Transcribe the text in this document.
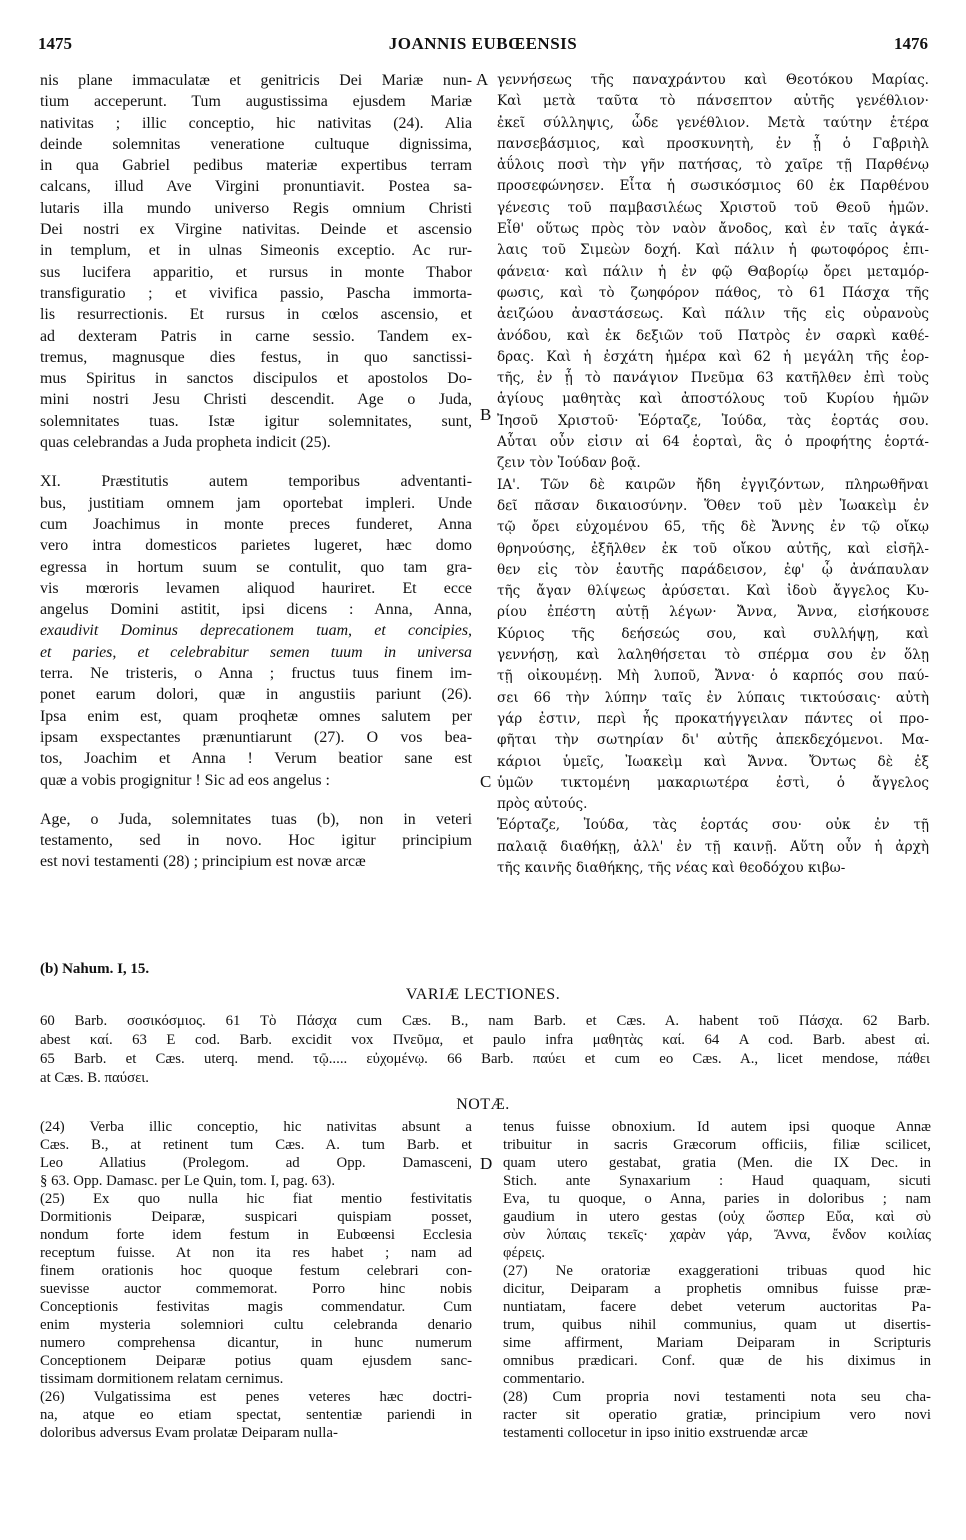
1475	JOANNIS EUBŒENSIS	1476
A
B
C
D
nis plane immaculatæ et genitricis Dei Mariæ nun-
tium acceperunt. Tum augustissima ejusdem Mariæ
nativitas ; illic conceptio, hic nativitas (24). Alia
deinde solemnitas veneratione cultuque dignissima,
in qua Gabriel pedibus materiæ expertibus terram
calcans, illud Ave Virgini pronuntiavit. Postea sa-
lutaris illa mundo universo Regis omnium Christi
Dei nostri ex Virgine nativitas. Deinde et ascensio
in templum, et in ulnas Simeonis exceptio. Ac rur-
sus lucifera apparitio, et rursus in monte Thabor
transfiguratio ; et vivifica passio, Pascha immorta-
lis resurrectionis. Et rursus in cœlos ascensio, et
ad dexteram Patris in carne sessio. Tandem ex-
tremus, magnusque dies festus, in quo sanctissi-
mus Spiritus in sanctos discipulos et apostolos Do-
mini nostri Jesu Christi descendit. Age o Juda,
solemnitates tuas. Istæ igitur solemnitates, sunt,
quas celebrandas a Juda propheta indicit (25).
XI. Præstitutis autem temporibus adventanti-
bus, justitiam omnem jam oportebat impleri. Unde
cum Joachimus in monte preces funderet, Anna
vero intra domesticos parietes lugeret, hæc domo
egressa in hortum suum se contulit, quo tam gra-
vis mœroris levamen aliquod hauriret. Et ecce
angelus Domini astitit, ipsi dicens : Anna, Anna,
exaudivit Dominus deprecationem tuam, et concipies,
et paries, et celebrabitur semen tuum in universa
terra. Ne tristeris, o Anna ; fructus tuus finem im-
ponet earum dolori, quæ in angustiis pariunt (26).
Ipsa enim est, quam proqhetæ omnes salutem per
ipsam exspectantes prænuntiarunt (27). O vos bea-
tos, Joachim et Anna ! Verum beatior sane est
quæ a vobis progignitur ! Sic ad eos angelus :
Age, o Juda, solemnitates tuas (b), non in veteri
testamento, sed in novo. Hoc igitur principium
est novi testamenti (28) ; principium est novæ arcæ
γεννήσεως τῆς παναχράντου καὶ Θεοτόκου Μαρίας.
Καὶ μετὰ ταῦτα τὸ πάνσεπτον αὐτῆς γενέθλιον·
ἐκεῖ σύλληψις, ὧδε γενέθλιον. Μετὰ ταύτην ἑτέρα
πανσεβάσμιος, καὶ προσκυνητὴ, ἐν ᾗ ὁ Γαβριὴλ
ἀΰλοις ποσὶ τὴν γῆν πατήσας, τὸ χαῖρε τῇ Παρθένῳ
προσεφώνησεν. Εἶτα ἡ σωσικόσμιος 60 ἐκ Παρθένου
γένεσις τοῦ παμβασιλέως Χριστοῦ τοῦ Θεοῦ ἡμῶν.
Εἶθ' οὕτως πρὸς τὸν ναὸν ἄνοδος, καὶ ἐν ταῖς ἀγκά-
λαις τοῦ Σιμεὼν δοχή. Καὶ πάλιν ἡ φωτοφόρος ἐπι-
φάνεια· καὶ πάλιν ἡ ἐν φῷ Θαβορίῳ ὄρει μεταμόρ-
φωσις, καὶ τὸ ζωηφόρον πάθος, τὸ 61 Πάσχα τῆς
ἀειζώου ἀναστάσεως. Καὶ πάλιν τῆς εἰς οὐρανοὺς
ἀνόδου, καὶ ἐκ δεξιῶν τοῦ Πατρὸς ἐν σαρκὶ καθέ-
δρας. Καὶ ἡ ἐσχάτη ἡμέρα καὶ 62 ἡ μεγάλη τῆς ἑορ-
τῆς, ἐν ᾗ τὸ πανάγιον Πνεῦμα 63 κατῆλθεν ἐπὶ τοὺς
ἁγίους μαθητὰς καὶ ἀποστόλους τοῦ Κυρίου ἡμῶν
Ἰησοῦ Χριστοῦ· Ἑόρταζε, Ἰούδα, τὰς ἑορτάς σου.
Αὗται οὖν εἰσιν αἱ 64 ἑορταὶ, ἃς ὁ προφήτης ἑορτά-
ζειν τὸν Ἰούδαν βοᾷ.
ΙΑ'. Τῶν δὲ καιρῶν ἤδη ἐγγιζόντων, πληρωθῆναι
δεῖ πᾶσαν δικαιοσύνην. Ὅθεν τοῦ μὲν Ἰωακεὶμ ἐν
τῷ ὄρει εὐχομένου 65, τῆς δὲ Ἄννης ἐν τῷ οἴκῳ
θρηνούσης, ἐξῆλθεν ἐκ τοῦ οἴκου αὐτῆς, καὶ εἰσῆλ-
θεν εἰς τὸν ἑαυτῆς παράδεισον, ἐφ' ᾧ ἀνάπαυλαν
τῆς ἄγαν θλίψεως ἀρύσεται. Καὶ ἰδοὺ ἄγγελος Κυ-
ρίου ἐπέστη αὐτῇ λέγων· Ἄννα, Ἄννα, εἰσήκουσε
Κύριος τῆς δεήσεώς σου, καὶ συλλήψῃ, καὶ
γεννήσῃ, καὶ λαληθήσεται τὸ σπέρμα σου ἐν ὅλῃ
τῇ οἰκουμένῃ. Μὴ λυποῦ, Ἄννα· ὁ καρπός σου παύ-
σει 66 τὴν λύπην ταῖς ἐν λύπαις τικτούσαις· αὐτὴ
γάρ ἐστιν, περὶ ἧς προκατήγγειλαν πάντες οἱ προ-
φῆται τὴν σωτηρίαν δι' αὐτῆς ἀπεκδεχόμενοι. Μα-
κάριοι ὑμεῖς, Ἰωακεὶμ καὶ Ἄννα. Ὄντως δὲ ἐξ
ὑμῶν τικτομένη μακαριωτέρα ἐστὶ, ὁ ἄγγελος
πρὸς αὐτούς.
Ἑόρταζε, Ἰούδα, τὰς ἑορτάς σου· οὐκ ἐν τῇ
παλαιᾷ διαθήκῃ, ἀλλ' ἐν τῇ καινῇ. Αὕτη οὖν ἡ ἀρχὴ
τῆς καινῆς διαθήκης, τῆς νέας καὶ θεοδόχου κιβω-
(b) Nahum. I, 15.
VARIÆ LECTIONES.
60 Barb. σοσικόσμιος. 61 Τὸ Πάσχα cum Cæs. B., nam Barb. et Cæs. A. habent τοῦ Πάσχα. 62 Barb.
abest καί. 63 E cod. Barb. excidit vox Πνεῦμα, et paulo infra μαθητὰς καί. 64 A cod. Barb. abest αἱ.
65 Barb. et Cæs. uterq. mend. τῷ..... εὐχομένῳ. 66 Barb. παύει et cum eo Cæs. A., licet mendose, πάθει
at Cæs. B. παύσει.
NOTÆ.
(24) Verba illic conceptio, hic nativitas absunt a
Cæs. B., at retinent tum Cæs. A. tum Barb. et
Leo Allatius (Prolegom. ad Opp. Damasceni,
§ 63. Opp. Damasc. per Le Quin, tom. I, pag. 63).
(25) Ex quo nulla hic fiat mentio festivitatis
Dormitionis Deiparæ, suspicari quispiam posset,
nondum forte idem festum in Eubœensi Ecclesia
receptum fuisse. At non ita res habet ; nam ad
finem orationis hoc quoque festum celebrari con-
suevisse auctor commemorat. Porro hinc nobis
Conceptionis festivitas magis commendatur. Cum
enim mysteria solemniori cultu celebranda denario
numero comprehensa dicantur, in hunc numerum
Conceptionem Deiparæ potius quam ejusdem sanc-
tissimam dormitionem relatam cernimus.
(26) Vulgatissima est penes veteres hæc doctri-
na, atque eo etiam spectat, sententiæ pariendi in
doloribus adversus Evam prolatæ Deiparam nulla-
tenus fuisse obnoxium. Id autem ipsi quoque Annæ
tribuitur in sacris Græcorum officiis, filiæ scilicet,
quam utero gestabat, gratia (Men. die IX Dec. in
Stich. ante Synaxarium : Haud quaquam, sicuti
Eva, tu quoque, o Anna, paries in doloribus ; nam
gaudium in utero gestas (οὐχ ὥσπερ Εὔα, καὶ σὺ
σὺν λύπαις τεκεῖς· χαρὰν γάρ, Ἄννα, ἔνδον κοιλίας
φέρεις.
(27) Ne oratoriæ exaggerationi tribuas quod hic
dicitur, Deiparam a prophetis omnibus fuisse præ-
nuntiatam, facere debet veterum auctoritas Pa-
trum, quibus nihil communius, quam ut disertis-
sime affirment, Mariam Deiparam in Scripturis
omnibus prædicari. Conf. quæ de his diximus in
commentario.
(28) Cum propria novi testamenti nota seu cha-
racter sit operatio gratiæ, principium vero novi
testamenti collocetur in ipso initio exstruendæ arcæ
